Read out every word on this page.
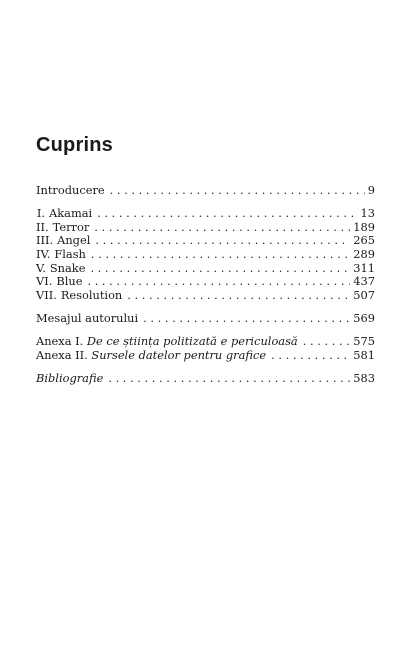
Cuprins
Introducere . . .	9
I. Akamai . . .	13
II. Terror . . .	189
III. Angel . . .	265
IV. Flash . . .	289
V. Snake . . .	311
VI. Blue . . .	437
VII. Resolution . . .	507
Mesajul autorului . . .	569
Anexa I. De ce știința politizată e periculoasă . . .	575
Anexa II. Sursele datelor pentru grafice . . .	581
Bibliografie . . .	583
